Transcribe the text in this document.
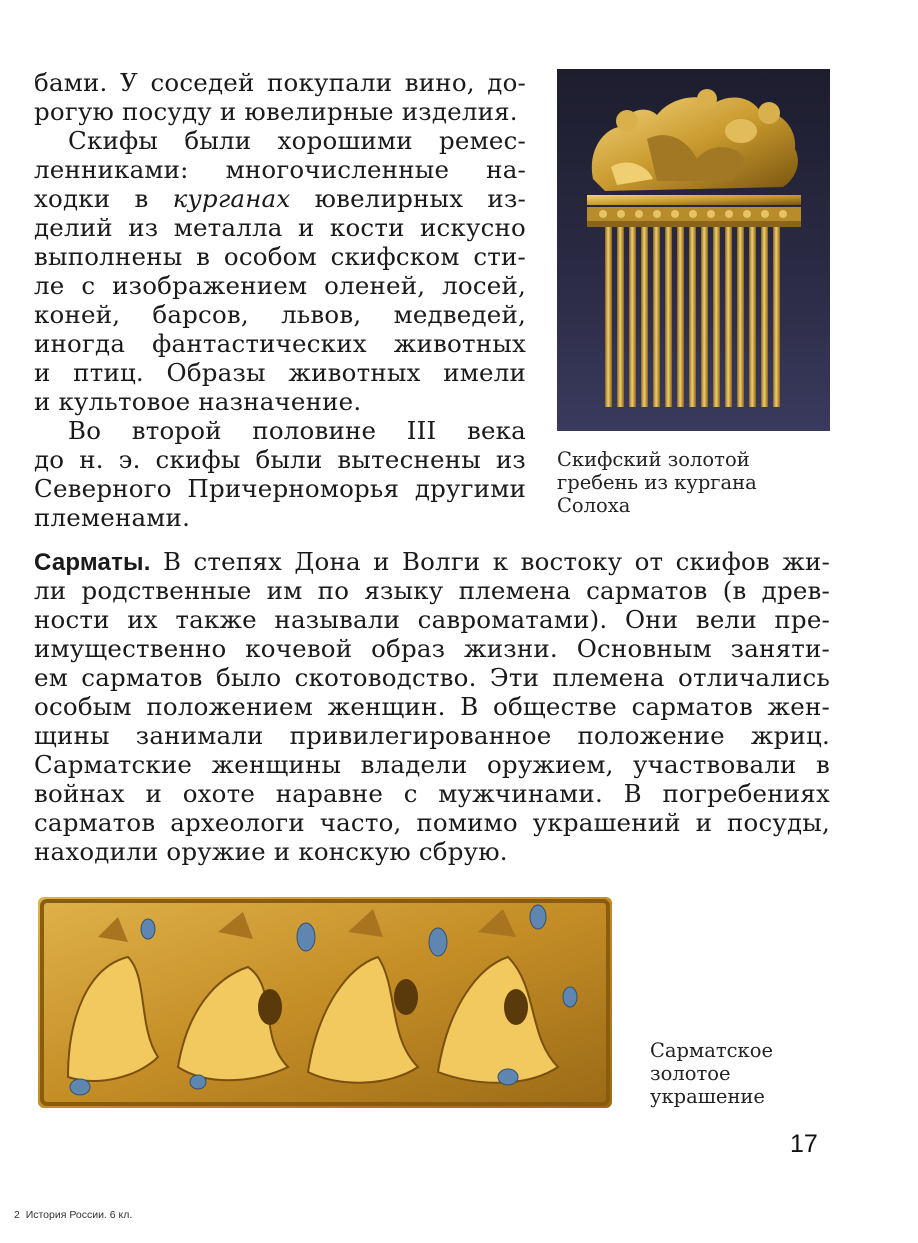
бами. У соседей покупали вино, до-
рогую посуду и ювелирные изделия.
Скифы были хорошими ремес-
ленниками: многочисленные на-
ходки в курганах ювелирных из-
делий из металла и кости искусно
выполнены в особом скифском сти-
ле с изображением оленей, лосей,
коней, барсов, львов, медведей,
иногда фантастических животных
и птиц. Образы животных имели
и культовое назначение.
Во второй половине III века
до н. э. скифы были вытеснены из
Северного Причерноморья другими
племенами.
Скифский золотой
гребень из кургана
Солоха
Сарматы. В степях Дона и Волги к востоку от скифов жи-
ли родственные им по языку племена сарматов (в древ-
ности их также называли савроматами). Они вели пре-
имущественно кочевой образ жизни. Основным заняти-
ем сарматов было скотоводство. Эти племена отличались
особым положением женщин. В обществе сарматов жен-
щины занимали привилегированное положение жриц.
Сарматские женщины владели оружием, участвовали в
войнах и охоте наравне с мужчинами. В погребениях
сарматов археологи часто, помимо украшений и посуды,
находили оружие и конскую сбрую.
Сарматское
золотое
украшение
17
2 История России. 6 кл.
